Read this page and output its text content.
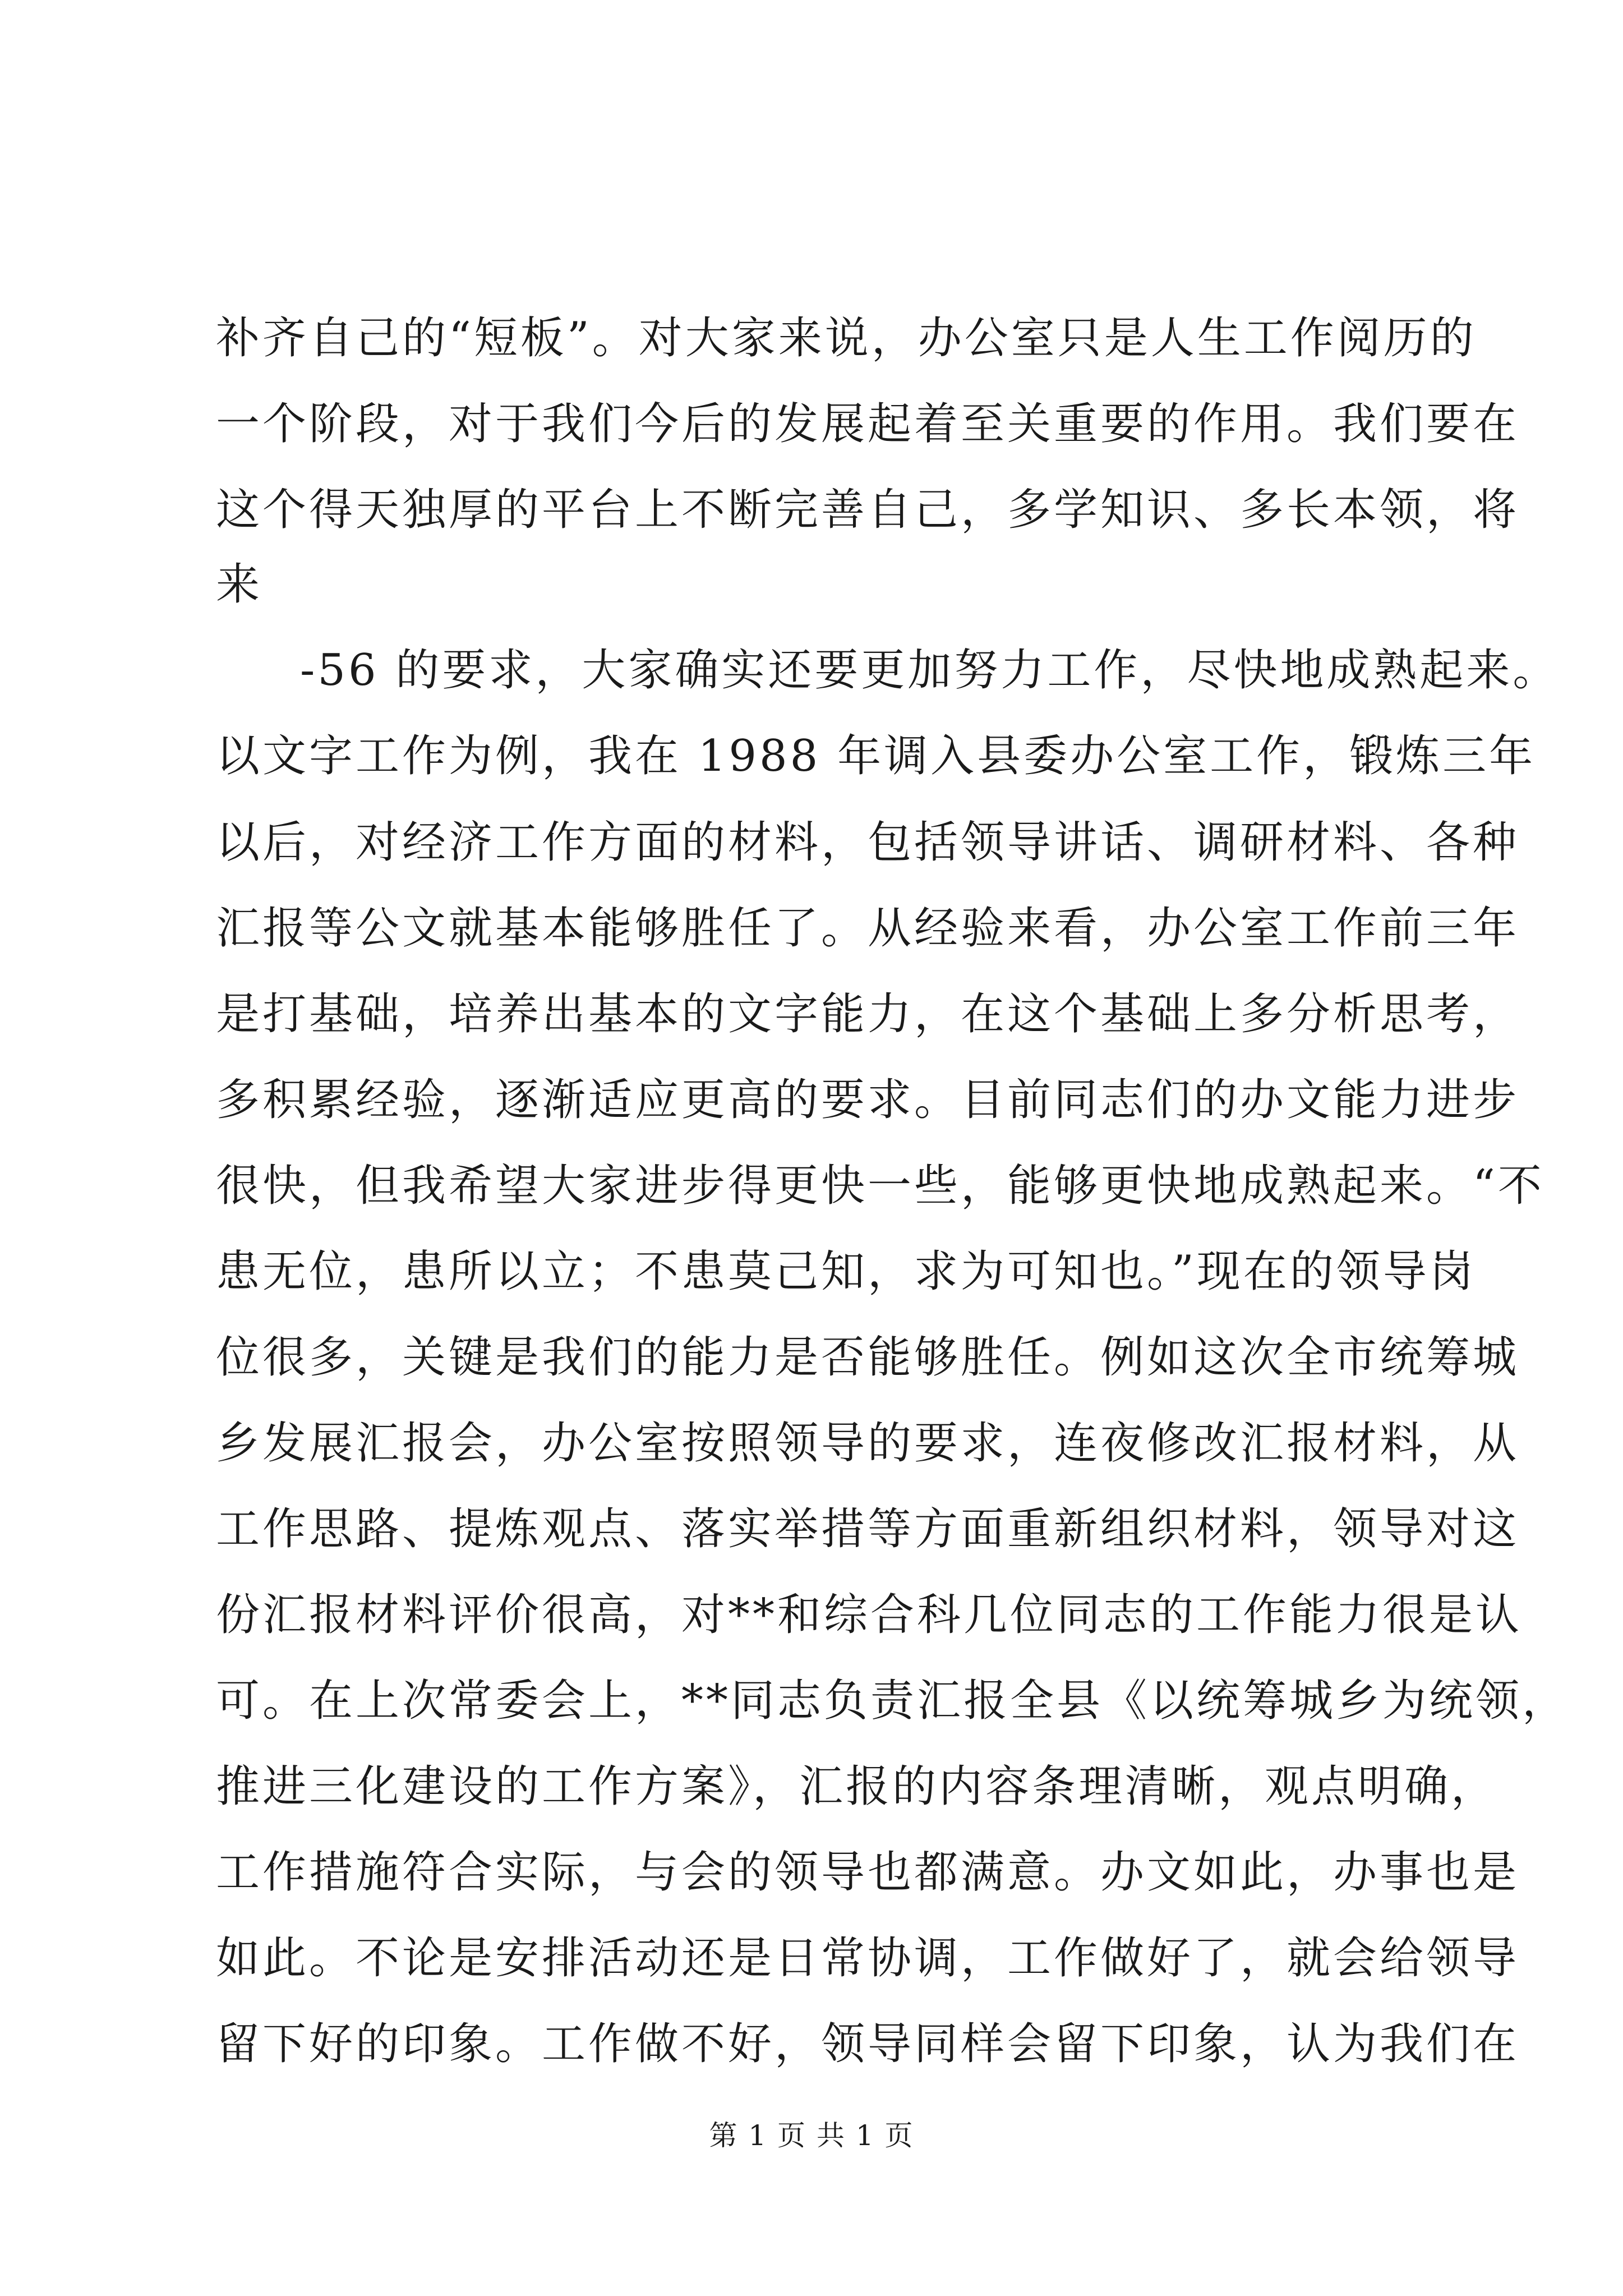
补齐自己的“短板”。对大家来说，办公室只是人生工作阅历的
一个阶段，对于我们今后的发展起着至关重要的作用。我们要在
这个得天独厚的平台上不断完善自己，多学知识、多长本领，将
来
-56 的要求，大家确实还要更加努力工作，尽快地成熟起来。
以文字工作为例，我在 1988 年调入县委办公室工作，锻炼三年
以后，对经济工作方面的材料，包括领导讲话、调研材料、各种
汇报等公文就基本能够胜任了。从经验来看，办公室工作前三年
是打基础，培养出基本的文字能力，在这个基础上多分析思考，
多积累经验，逐渐适应更高的要求。目前同志们的办文能力进步
很快，但我希望大家进步得更快一些，能够更快地成熟起来。“不
患无位，患所以立；不患莫己知，求为可知也。”现在的领导岗
位很多，关键是我们的能力是否能够胜任。例如这次全市统筹城
乡发展汇报会，办公室按照领导的要求，连夜修改汇报材料，从
工作思路、提炼观点、落实举措等方面重新组织材料，领导对这
份汇报材料评价很高，对**和综合科几位同志的工作能力很是认
可。在上次常委会上，**同志负责汇报全县《以统筹城乡为统领，
推进三化建设的工作方案》，汇报的内容条理清晰，观点明确，
工作措施符合实际，与会的领导也都满意。办文如此，办事也是
如此。不论是安排活动还是日常协调，工作做好了，就会给领导
留下好的印象。工作做不好，领导同样会留下印象，认为我们在
第 1 页 共 1 页
